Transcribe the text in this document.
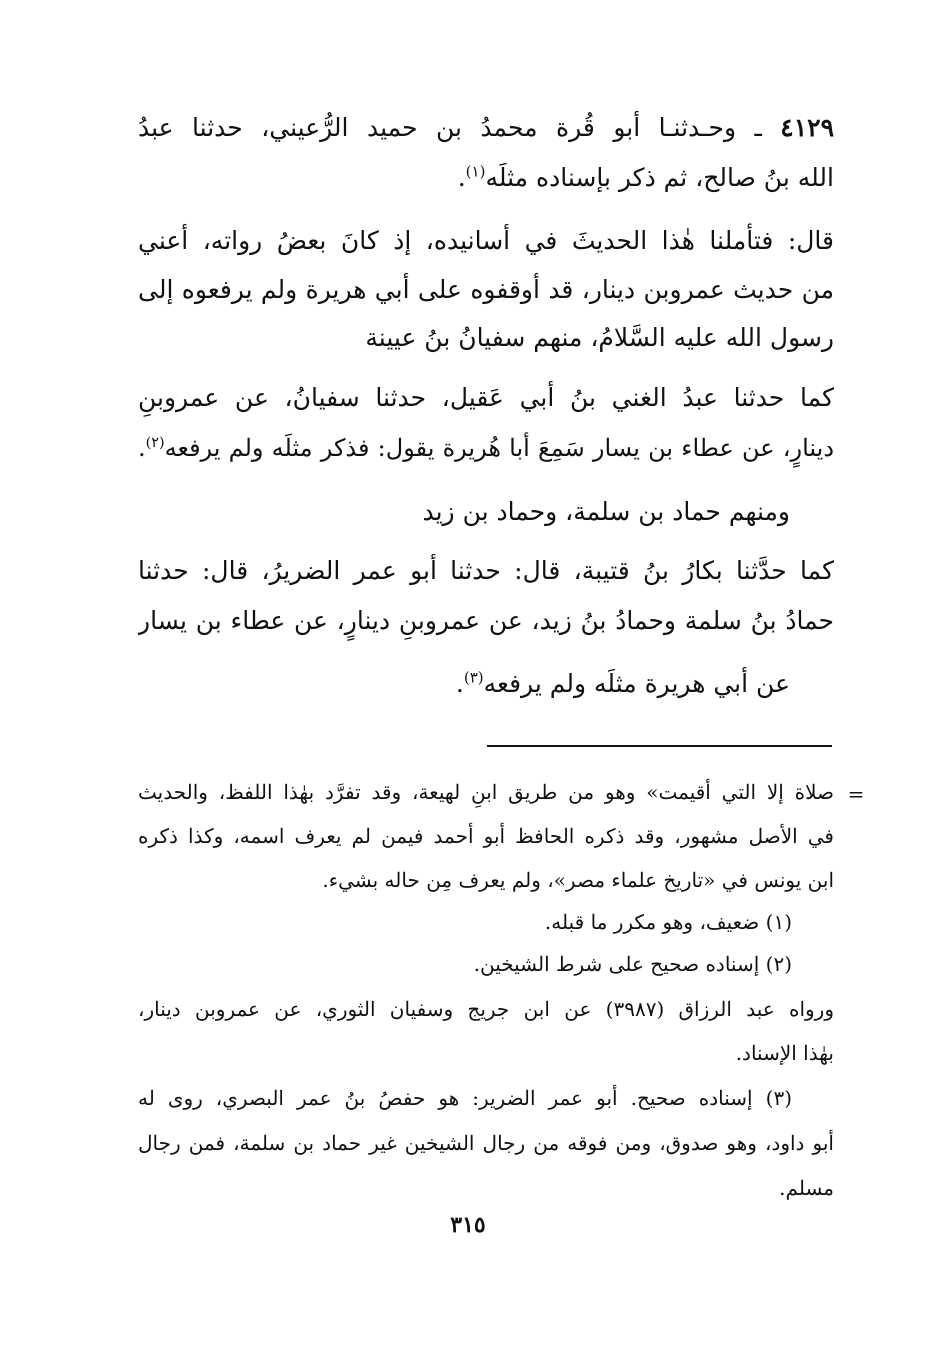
٤١٢٩ ـ وحـدثنـا أبو قُرة محمدُ بن حميد الرُّعيني، حدثنا عبدُ
الله بنُ صالح، ثم ذكر بإسناده مثلَه$^{(١)}$.
قال: فتأملنا هٰذا الحديثَ في أسانيده، إذ كانَ بعضُ رواته، أعني
من حديث عمروبن دينار، قد أوقفوه على أبي هريرة ولم يرفعوه إلى
رسول الله عليه السَّلامُ، منهم سفيانُ بنُ عيينة
كما حدثنا عبدُ الغني بنُ أبي عَقيل، حدثنا سفيانُ، عن عمروبنِ
دينارٍ، عن عطاء بن يسار سَمِعَ أبا هُريرة يقول: فذكر مثلَه ولم يرفعه$^{(٢)}$.
ومنهم حماد بن سلمة، وحماد بن زيد
كما حدَّثنا بكارُ بنُ قتيبة، قال: حدثنا أبو عمر الضريرُ، قال: حدثنا
حمادُ بنُ سلمة وحمادُ بنُ زيد، عن عمروبنِ دينارٍ، عن عطاء بن يسار
عن أبي هريرة مثلَه ولم يرفعه$^{(٣)}$.
=
صلاة إلا التي أقيمت» وهو من طريق ابنِ لهيعة، وقد تفرَّد بهٰذا اللفظ، والحديث
في الأصل مشهور، وقد ذكره الحافظ أبو أحمد فيمن لم يعرف اسمه، وكذا ذكره
ابن يونس في «تاريخ علماء مصر»، ولم يعرف مِن حاله بشيء.
(١) ضعيف، وهو مكرر ما قبله.
(٢) إسناده صحيح على شرط الشيخين.
ورواه عبد الرزاق (٣٩٨٧) عن ابن جريج وسفيان الثوري، عن عمروبن دينار،
بهٰذا الإسناد.
(٣) إسناده صحيح. أبو عمر الضرير: هو حفصُ بنُ عمر البصري، روى له
أبو داود، وهو صدوق، ومن فوقه من رجال الشيخين غير حماد بن سلمة، فمن رجال
مسلم.
٣١٥
